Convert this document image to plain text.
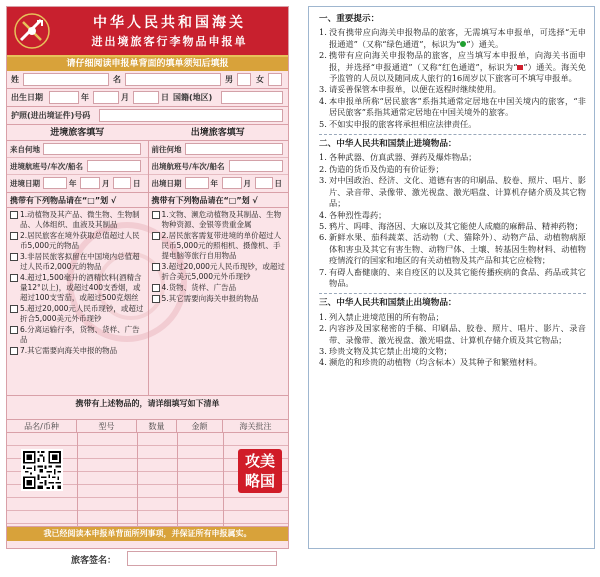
中华人民共和国海关
进出境旅客行李物品申报单
请仔细阅读申报单背面的填单须知后填报
姓	名	男	女
出生日期	年	月	日 国籍(地区)
护照(进出境证件)号码
进境旅客填写	出境旅客填写
来自何地
进境航班号/车次/船名
进境日期	年	月	日
前往何地
出境航班号/车次/船名
出境日期	年	月	日
携带有下列物品请在“□”划 √	携带有下列物品请在“□”划 √
1.动植物及其产品、微生物、生物制品、人体组织、血液及其制品
2.居民旅客在境外获取总值超过人民币5,000元的物品
3.非居民旅客拟留在中国境内总值超过人民币2,000元的物品
4.超过1,500毫升的酒精饮料(酒精含量12°以上)，或超过400支香烟，或超过100支雪茄，或超过500克烟丝
5.超过20,000元人民币现钞，或超过折合5,000美元外币现钞
6.分离运输行李，货物、货样、广告品
7.其它需要向海关申报的物品
1.文物、濒危动植物及其制品、生物物种资源、金银等贵重金属
2.居民旅客需复带进境的单价超过人民币5,000元的照相机、摄像机、手提电脑等旅行自用物品
3.超过20,000元人民币现钞，或超过折合美元5,000元外币现钞
4.货物、货样、广告品
5.其它需要向海关申报的物品
携带有上述物品的，请详细填写如下清单
品名/币种	型号	数量	金额	海关批注
攻美略国
我已经阅读本申报单背面所列事项，并保证所有申报属实。
旅客签名：
一、重要提示：
1. 没有携带应向海关申报物品的旅客，无需填写本申报单，可选择“无申报通道”（又称“绿色通道”，标识为“ ”）通关。
2. 携带有应向海关申报物品的旅客，应当填写本申报单，向海关书面申报，并选择“申报通道”（又称“红色通道”，标识为“ ”）通关。海关免予监管的人员以及随同成人旅行的16周岁以下旅客可不填写申报单。
3. 请妥善保管本申报单，以便在返程时继续使用。
4. 本申报单所称“居民旅客”系指其通常定居地在中国关境内的旅客，“非居民旅客”系指其通常定居地在中国关境外的旅客。
5. 不如实申报的旅客将承担相应法律责任。
二、中华人民共和国禁止进境物品：
1. 各种武器、仿真武器、弹药及爆炸物品；
2. 伪造的货币及伪造的有价证券；
3. 对中国政治、经济、文化、道德有害的印刷品、胶卷、照片、唱片、影片、录音带、录像带、激光视盘、激光唱盘、计算机存储介质及其它物品；
4. 各种烈性毒药；
5. 鸦片、吗啡、海洛因、大麻以及其它能使人成瘾的麻醉品、精神药物；
6. 新鲜水果、茄科蔬菜、活动物（犬、猫除外）、动物产品、动植物病原体和害虫及其它有害生物、动物尸体、土壤、转基因生物材料、动植物疫情流行的国家和地区的有关动植物及其产品和其它应检物；
7. 有碍人畜健康的、来自疫区的以及其它能传播疾病的食品、药品或其它物品。
三、中华人民共和国禁止出境物品：
1. 列入禁止进境范围的所有物品；
2. 内容涉及国家秘密的手稿、印刷品、胶卷、照片、唱片、影片、录音带、录像带、激光视盘、激光唱盘、计算机存储介质及其它物品；
3. 珍贵文物及其它禁止出境的文物；
4. 濒危的和珍贵的动植物（均含标本）及其种子和繁殖材料。
